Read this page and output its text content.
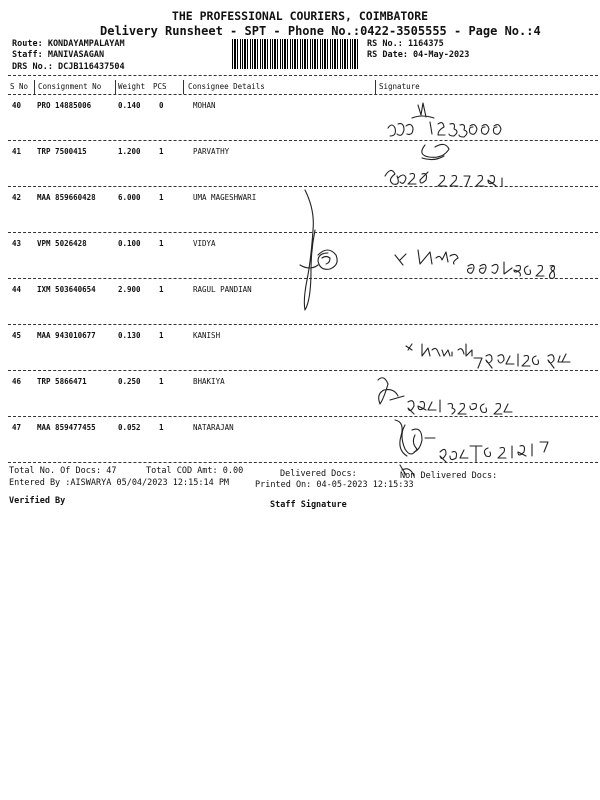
THE PROFESSIONAL COURIERS, COIMBATORE
Delivery Runsheet - SPT - Phone No.:0422-3505555 - Page No.:4
Route: KONDAYAMPALAYAM
Staff: MANIVASAGAN
DRS No.: DCJB116437504
RS No.: 1164375
RS Date: 04-May-2023
S No Consignment No Weight PCS	Consignee Details	Signature
40 PRO 14885006	0.140 0	MOHAN
41 TRP 7500415	1.200 1	PARVATHY
42 MAA 859660428	6.000 1	UMA MAGESHWARI
43 VPM 5026428	0.100 1	VIDYA
44 IXM 503640654	2.900 1	RAGUL PANDIAN
45 MAA 943010677	0.130 1	KANISH
46 TRP 5866471	0.250 1	BHAKIYA
47 MAA 859477455	0.052 1	NATARAJAN
Total No. Of Docs: 47	Total COD Amt: 0.00	Delivered Docs:	Non Delivered Docs:
Entered By :AISWARYA 05/04/2023 12:15:14 PM	Printed On: 04-05-2023 12:15:33
Verified By	Staff Signature
